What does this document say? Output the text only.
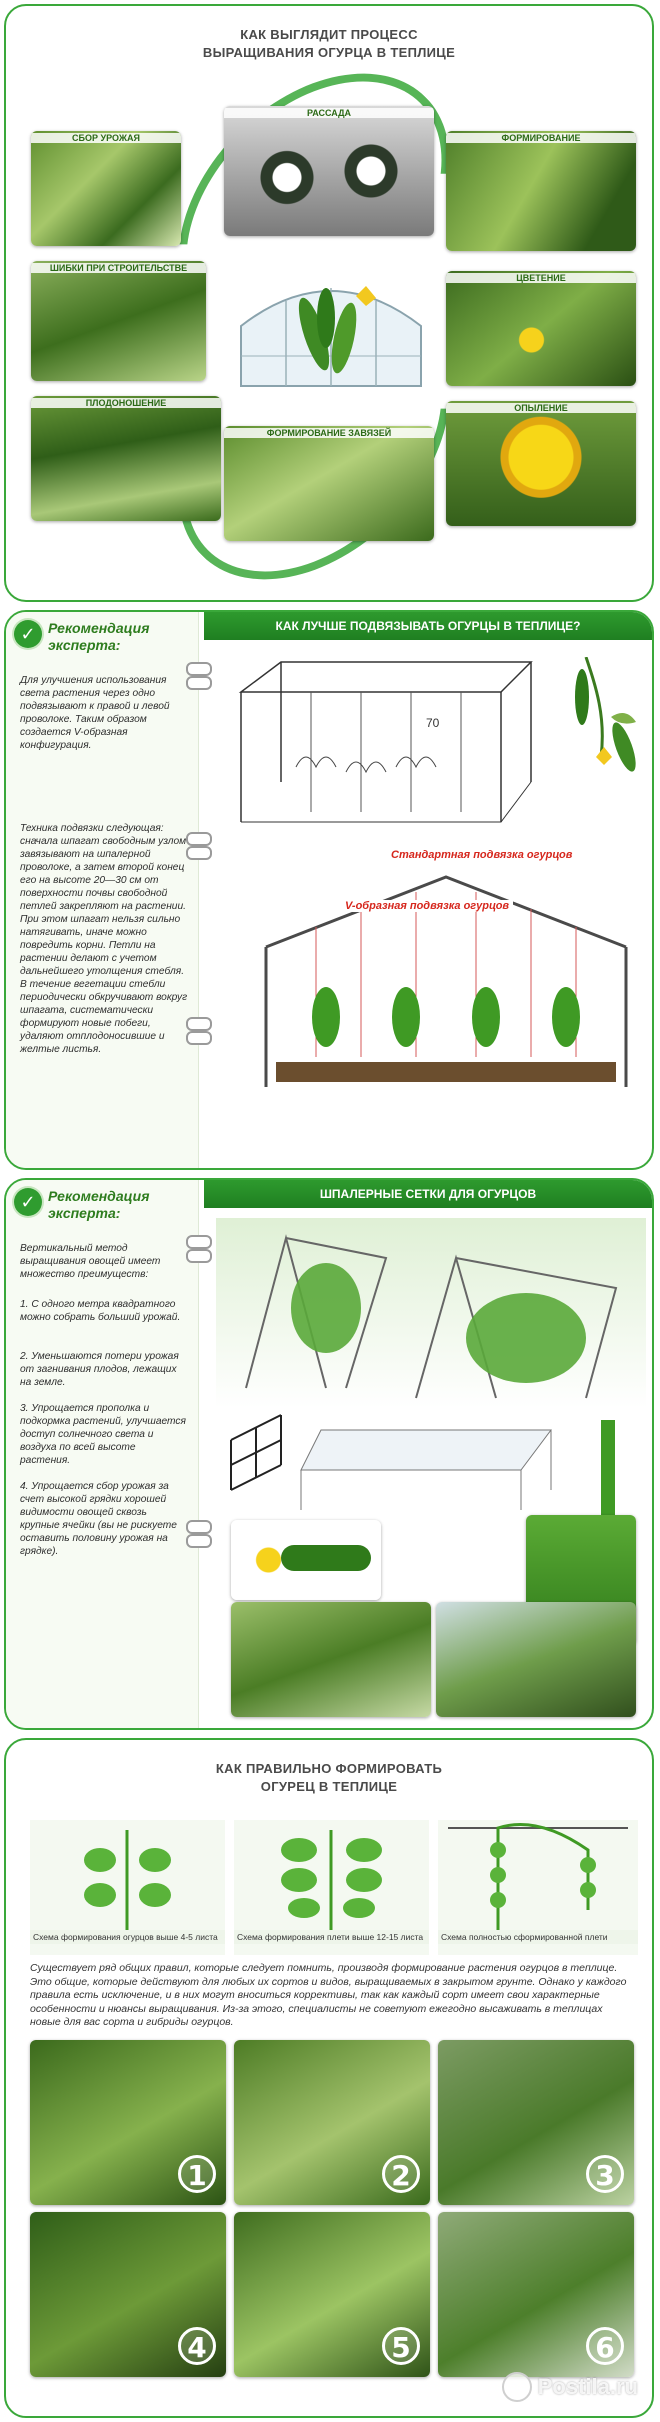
КАК ВЫГЛЯДИТ ПРОЦЕСС
ВЫРАЩИВАНИЯ ОГУРЦА В ТЕПЛИЦЕ
СБОР УРОЖАЯ
РАССАДА
ФОРМИРОВАНИЕ
ШИБКИ ПРИ СТРОИТЕЛЬСТВЕ
ЦВЕТЕНИЕ
ПЛОДОНОШЕНИЕ
ФОРМИРОВАНИЕ ЗАВЯЗЕЙ
ОПЫЛЕНИЕ
✓ Рекомендация эксперта:
Для улучшения использования света растения через одно подвязывают к правой и левой проволоке. Таким образом создается V-образная конфигурация.
Техника подвязки следующая: сначала шпагат свободным узлом завязывают на шпалерной проволоке, а затем второй конец его на высоте 20—30 см от поверхности почвы свободной петлей закрепляют на растении. При этом шпагат нельзя сильно натягивать, иначе можно повредить корни. Петли на растении делают с учетом дальнейшего утолщения стебля. В течение вегетации стебли периодически обкручивают вокруг шпагата, систематически формируют новые побеги, удаляют отплодоносившие и желтые листья.
КАК ЛУЧШЕ ПОДВЯЗЫВАТЬ ОГУРЦЫ В ТЕПЛИЦЕ?
70
Стандартная подвязка огурцов
V-образная подвязка огурцов
✓ Рекомендация эксперта:
Вертикальный метод выращивания овощей имеет множество преимуществ:
1. С одного метра квадратного можно собрать больший урожай.
2. Уменьшаются потери урожая от загнивания плодов, лежащих на земле.
3. Упрощается прополка и подкормка растений, улучшается доступ солнечного света и воздуха по всей высоте растения.
4. Упрощается сбор урожая за счет высокой грядки хорошей видимости овощей сквозь крупные ячейки (вы не рискуете оставить половину урожая на грядке).
ШПАЛЕРНЫЕ СЕТКИ ДЛЯ ОГУРЦОВ
КАК ПРАВИЛЬНО ФОРМИРОВАТЬ
ОГУРЕЦ В ТЕПЛИЦЕ
Схема формирования огурцов выше 4-5 листа	Схема формирования плети выше 12-15 листа	Схема полностью сформированной плети
Существует ряд общих правил, которые следует помнить, производя формирование растения огурцов в теплице. Это общие, которые действуют для любых их сортов и видов, выращиваемых в закрытом грунте. Однако у каждого правила есть исключение, и в них могут вноситься коррективы, так как каждый сорт имеет свои характерные особенности и нюансы выращивания. Из-за этого, специалисты не советуют ежегодно высаживать в теплицах новые для вас сорта и гибриды огурцов.
1	2	3
4	5	6
Postila.ru
